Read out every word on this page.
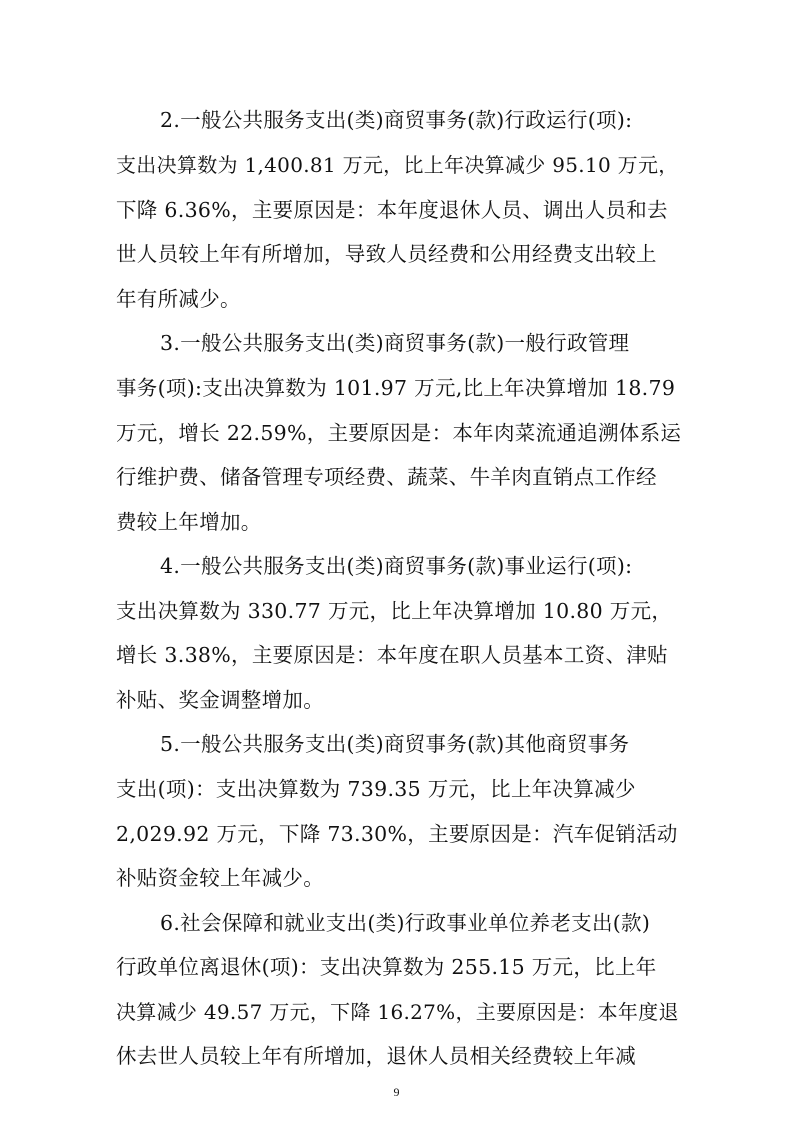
2.一般公共服务支出(类)商贸事务(款)行政运行(项):
支出决算数为 1,400.81 万元，比上年决算减少 95.10 万元，
下降 6.36%，主要原因是：本年度退休人员、调出人员和去
世人员较上年有所增加，导致人员经费和公用经费支出较上
年有所减少。
3.一般公共服务支出(类)商贸事务(款)一般行政管理
事务(项):支出决算数为 101.97 万元,比上年决算增加 18.79
万元，增长 22.59%，主要原因是：本年肉菜流通追溯体系运
行维护费、储备管理专项经费、蔬菜、牛羊肉直销点工作经
费较上年增加。
4.一般公共服务支出(类)商贸事务(款)事业运行(项):
支出决算数为 330.77 万元，比上年决算增加 10.80 万元，
增长 3.38%，主要原因是：本年度在职人员基本工资、津贴
补贴、奖金调整增加。
5.一般公共服务支出(类)商贸事务(款)其他商贸事务
支出(项)：支出决算数为 739.35 万元，比上年决算减少
2,029.92 万元，下降 73.30%，主要原因是：汽车促销活动
补贴资金较上年减少。
6.社会保障和就业支出(类)行政事业单位养老支出(款)
行政单位离退休(项)：支出决算数为 255.15 万元，比上年
决算减少 49.57 万元，下降 16.27%，主要原因是：本年度退
9
休去世人员较上年有所增加，退休人员相关经费较上年减
